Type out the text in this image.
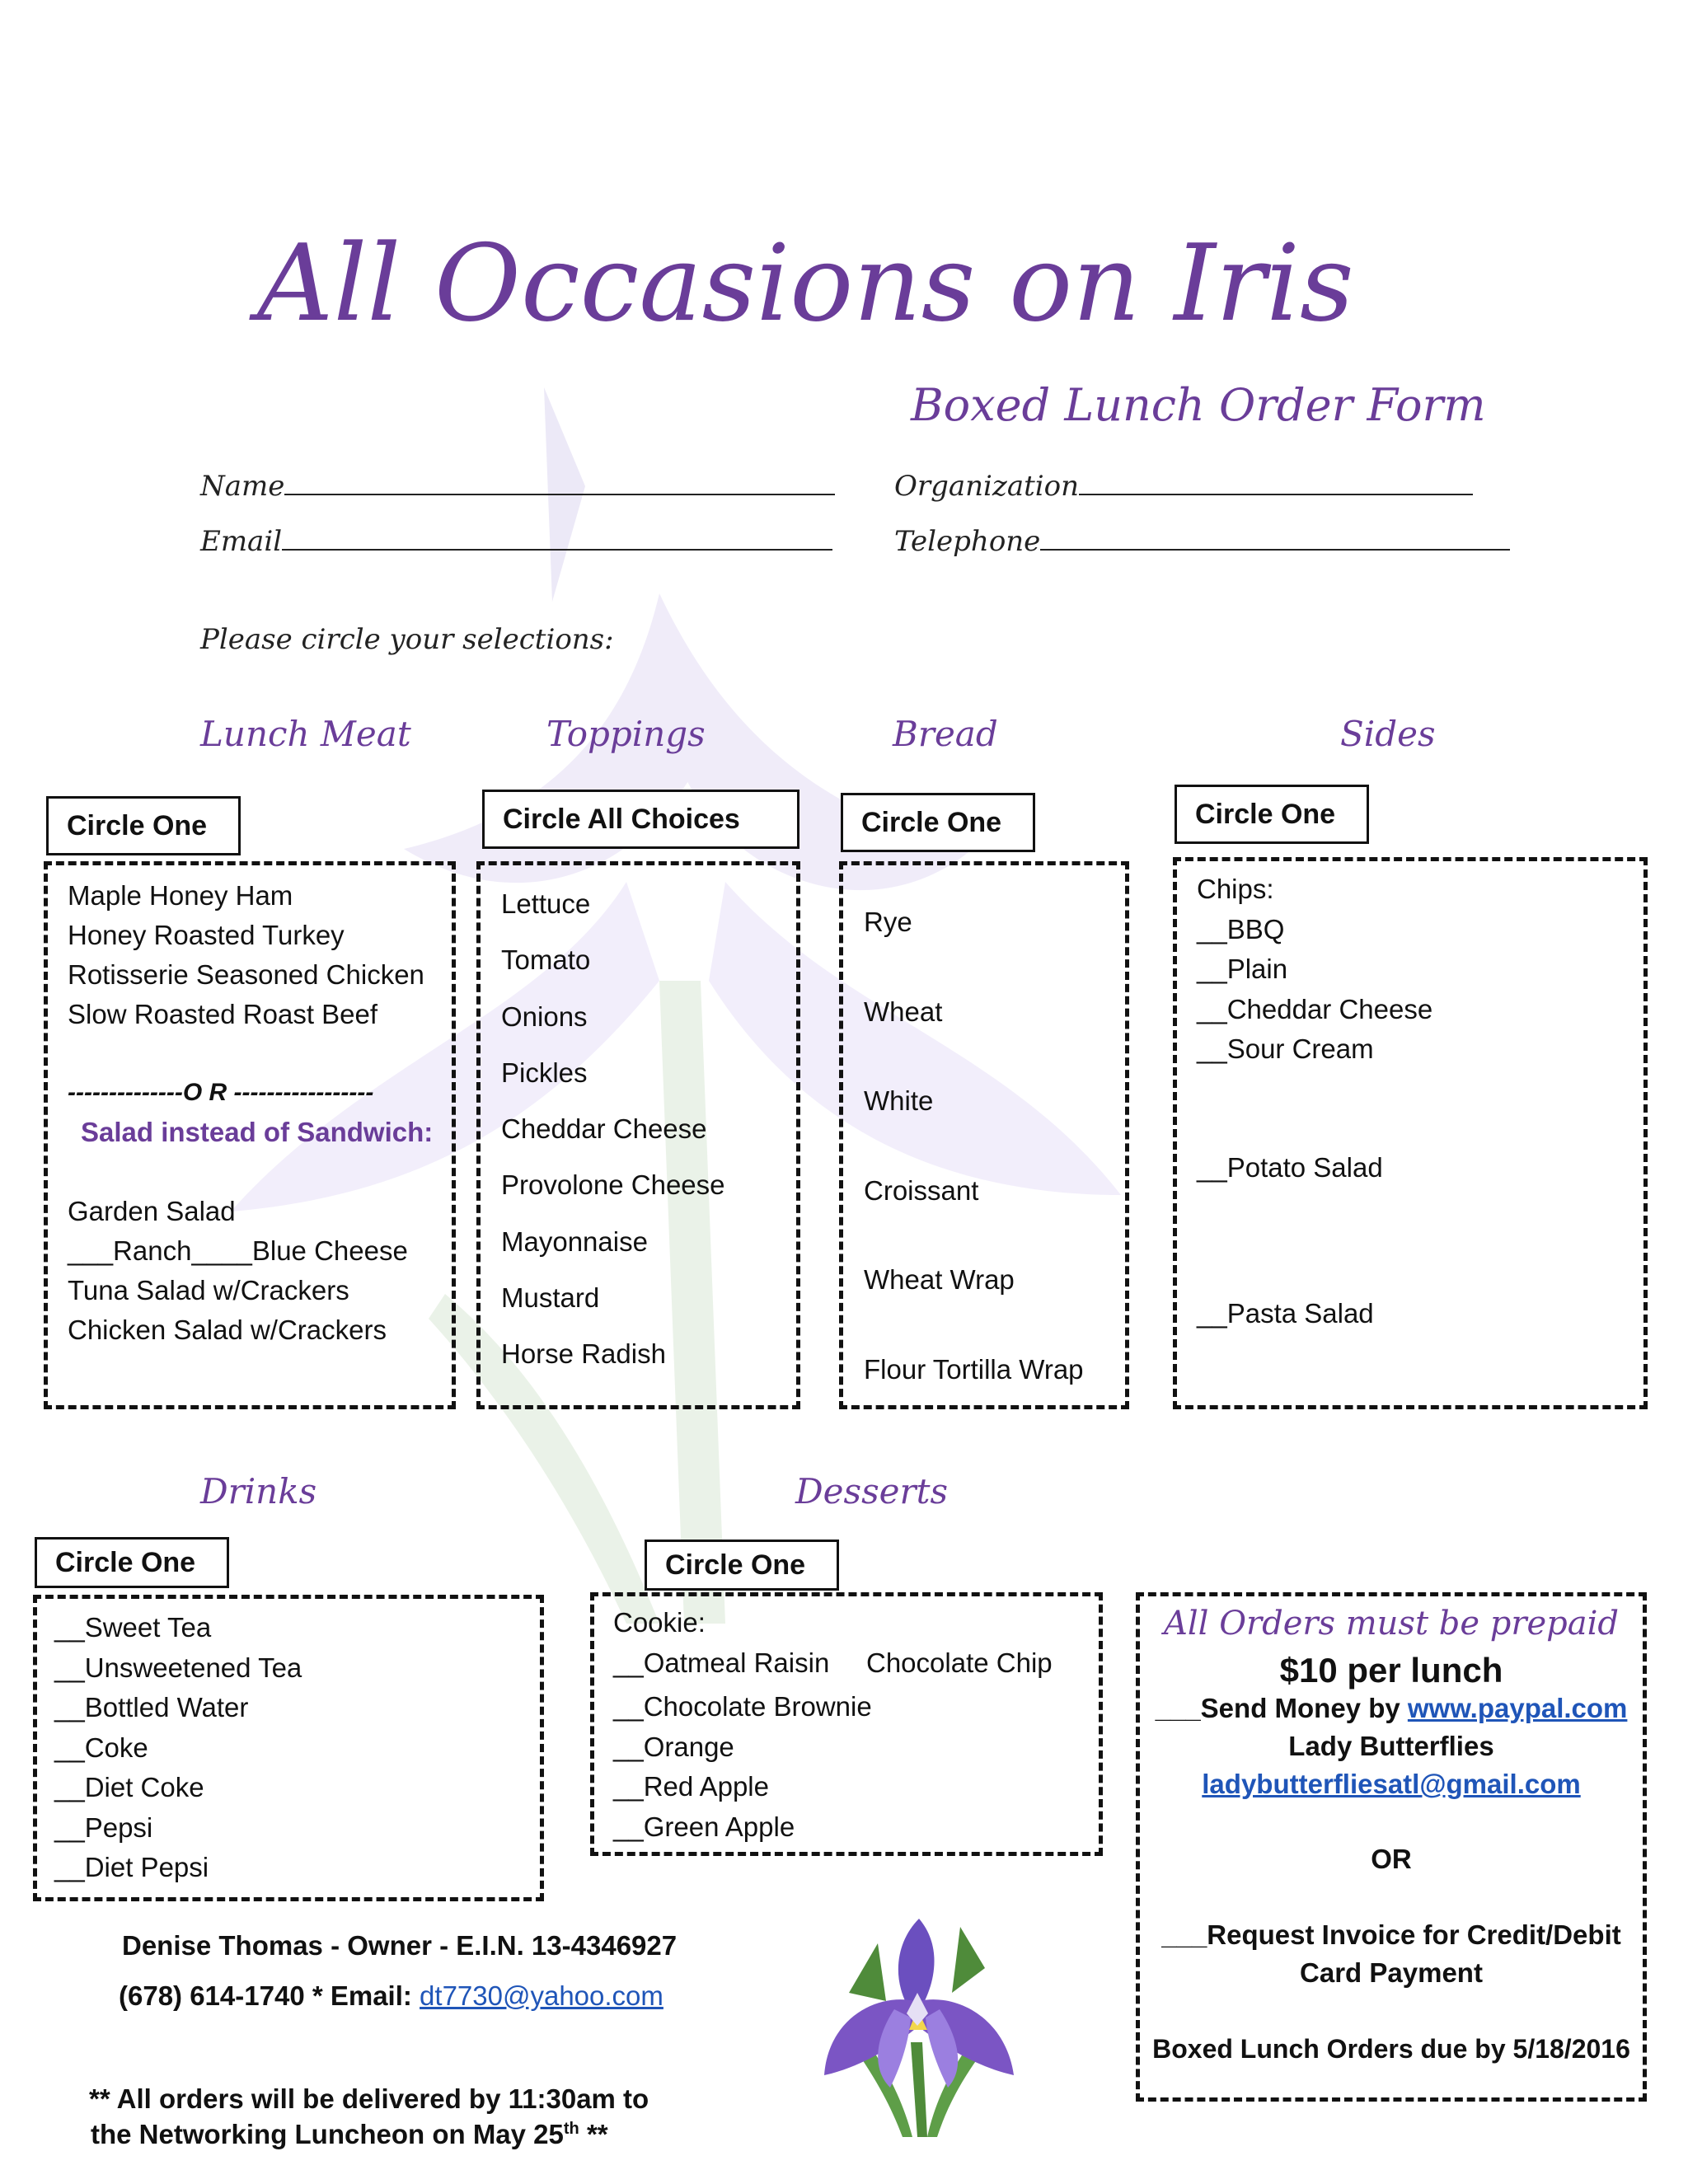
All Occasions on Iris
Boxed Lunch Order Form
Name	Organization
Email	Telephone
Please circle your selections:
Lunch Meat	Toppings	Bread	Sides
Circle One
Maple Honey Ham
Honey Roasted Turkey
Rotisserie Seasoned Chicken
Slow Roasted Roast Beef
--------------O R -----------------
Salad instead of Sandwich:
Garden Salad
___Ranch____Blue Cheese
Tuna Salad w/Crackers
Chicken Salad w/Crackers
Circle All Choices
Lettuce
Tomato
Onions
Pickles
Cheddar Cheese
Provolone Cheese
Mayonnaise
Mustard
Horse Radish
Circle One
Rye
Wheat
White
Croissant
Wheat Wrap
Flour Tortilla Wrap
Circle One
Chips:
__BBQ
__Plain
__Cheddar Cheese
__Sour Cream
__Potato Salad
__Pasta Salad
Drinks	Desserts
Circle One
__Sweet Tea
__Unsweetened Tea
__Bottled Water
__Coke
__Diet Coke
__Pepsi
__Diet Pepsi
Circle One
Cookie:
__Oatmeal Raisin Chocolate Chip
__Chocolate Brownie
__Orange
__Red Apple
__Green Apple
All Orders must be prepaid
$10 per lunch
___Send Money by www.paypal.com
Lady Butterflies
ladybutterfliesatl@gmail.com
OR
___Request Invoice for Credit/Debit
Card Payment
Boxed Lunch Orders due by 5/18/2016
Denise Thomas - Owner - E.I.N. 13-4346927
(678) 614-1740 * Email: dt7730@yahoo.com
** All orders will be delivered by 11:30am to
the Networking Luncheon on May 25th **
